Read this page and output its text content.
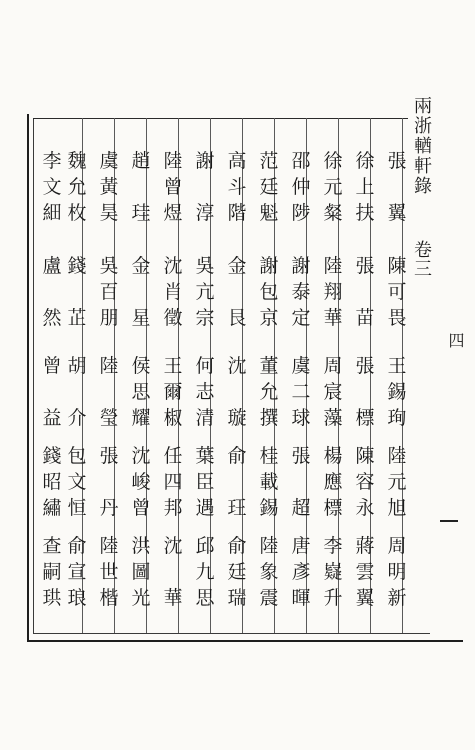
兩浙輶軒錄
卷三
四
張
翼
陳
可
畏
王
錫
珣
陸
元
旭
周
明
新
徐
上
扶
張
苗
張
標
陳
容
永
蔣
雲
翼
徐
元
粲
陸
翔
華
周
宸
藻
楊
應
標
李
嶷
升
邵
仲
陟
謝
泰
定
虞
二
球
張
超
唐
彥
暉
范
廷
魁
謝
包
京
董
允
撰
桂
載
錫
陸
象
震
高
斗
階
金
艮
沈
璇
俞
玨
俞
廷
瑞
謝
淳
吳
亢
宗
何
志
清
葉
臣
遇
邱
九
思
陸
曾
煜
沈
肖
徵
王
爾
椒
任
四
邦
沈
華
趙
珪
金
星
侯
思
耀
沈
峻
曾
洪
圖
光
虞
黃
昊
吳
百
朋
陸
瑩
張
丹
陸
世
楷
魏
允
枚
錢
芷
胡
介
包
文
恒
俞
宣
琅
李
文
細
盧
然
曾
益
錢
昭
繡
查
嗣
珙
